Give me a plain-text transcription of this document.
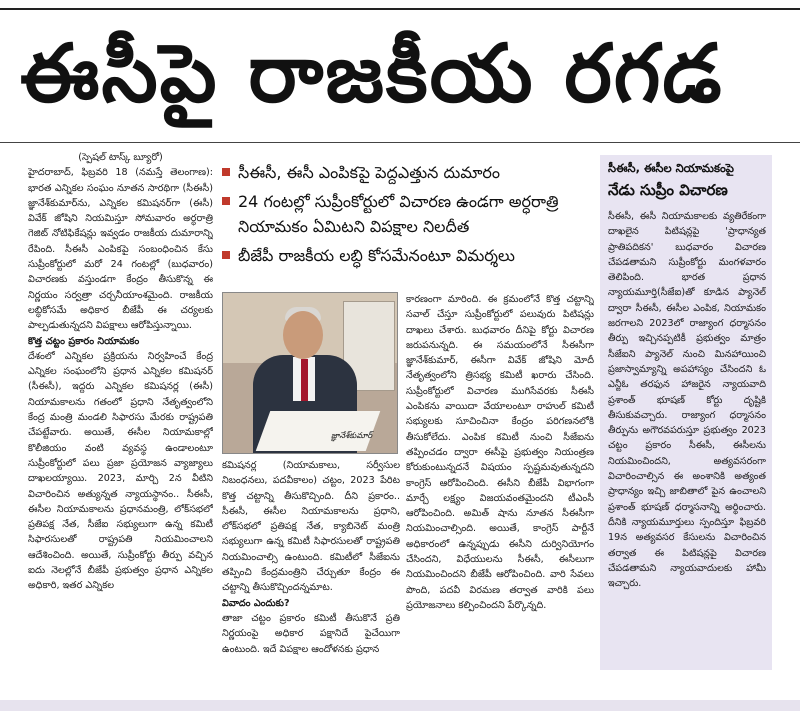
ఈసీపై రాజకీయ రగడ

(స్పెషల్ టాస్క్ బ్యూరో)

హైదరాబాద్, ఫిబ్రవరి 18 (నమస్తే తెలంగాణ): భారత ఎన్నికల సంఘం నూతన సారథిగా (సీఈసీ) జ్ఞానేశ్‌కుమార్‌ను, ఎన్నికల కమిషనర్‌గా (ఈసీ) వివేక్ జోషిని నియమిస్తూ సోమవారం అర్ధరాత్రి గెజిట్ నోటిఫికేషన్లు ఇవ్వడం రాజకీయ దుమారాన్ని రేపింది. సీఈసీ ఎంపికపై సంబంధించిన కేసు సుప్రీంకోర్టులో మరో 24 గంటల్లో (బుధవారం) విచారణకు వస్తుండగా కేంద్రం తీసుకొన్న ఈ నిర్ణయం సర్వత్రా చర్చనీయాంశమైంది. రాజకీయ లబ్ధికోసమే అధికార బీజేపీ ఈ చర్యలకు పాల్పడుతున్నదని విపక్షాలు ఆరోపిస్తున్నాయి.

కొత్త చట్టం ప్రకారం నియామకం

దేశంలో ఎన్నికల ప్రక్రియను నిర్వహించే కేంద్ర ఎన్నికల సంఘంలోని ప్రధాన ఎన్నికల కమిషనర్ (సీఈసీ), ఇద్దరు ఎన్నికల కమిషనర్ల (ఈసీ) నియామకాలను గతంలో ప్రధాని నేతృత్వంలోని కేంద్ర మంత్రి మండలి సిఫారసు మేరకు రాష్ట్రపతి చేపట్టేవారు. అయితే, ఈసీల నియామకాల్లో కొలీజియం వంటి వ్యవస్థ ఉండాలంటూ సుప్రీంకోర్టులో పలు ప్రజా ప్రయోజన వ్యాజ్యాలు దాఖలయ్యాయి. 2023, మార్చి 2న వీటిని విచారించిన అత్యున్నత న్యాయస్థానం.. సీఈసీ, ఈసీల నియామకాలను ప్రధానమంత్రి, లోక్‌సభలో ప్రతిపక్ష నేత, సీజేఐ సభ్యులుగా ఉన్న కమిటీ సిఫారసులతో రాష్ట్రపతి నియమించాలని ఆదేశించింది. అయితే, సుప్రీంకోర్టు తీర్పు వచ్చిన ఐదు నెలల్లోనే బీజేపీ ప్రభుత్వం ప్రధాన ఎన్నికల అధికారి, ఇతర ఎన్నికల

సీఈసీ, ఈసీ ఎంపికపై పెద్దఎత్తున దుమారం
24 గంటల్లో సుప్రీంకోర్టులో విచారణ ఉండగా అర్ధరాత్రి నియామకం ఏమిటని విపక్షాల నిలదీత
బీజేపీ రాజకీయ లబ్ధి కోసమేనంటూ విమర్శలు
జ్ఞానేశ్‌కుమార్

కమిషనర్ల (నియామకాలు, సర్వీసుల నిబంధనలు, పదవీకాలం) చట్టం, 2023 పేరిట కొత్త చట్టాన్ని తీసుకొచ్చింది. దీని ప్రకారం.. సీఈసీ, ఈసీల నియామకాలను ప్రధాని, లోక్‌సభలో ప్రతిపక్ష నేత, క్యాబినెట్ మంత్రి సభ్యులుగా ఉన్న కమిటీ సిఫారసులతో రాష్ట్రపతి నియమించాల్సి ఉంటుంది. కమిటీలో సీజేఐను తప్పించి కేంద్రమంత్రిని చేర్చుతూ కేంద్రం ఈ చట్టాన్ని తీసుకొచ్చిందన్నమాట.

వివాదం ఎందుకు?

తాజా చట్టం ప్రకారం కమిటీ తీసుకొనే ప్రతి నిర్ణయంపై అధికార పక్షానిదే పైచేయిగా ఉంటుంది. ఇదే విపక్షాల ఆందోళనకు ప్రధాన

కారణంగా మారింది. ఈ క్రమంలోనే కొత్త చట్టాన్ని సవాల్ చేస్తూ సుప్రీంకోర్టులో పలువురు పిటిషన్లు దాఖలు చేశారు. బుధవారం దీనిపై కోర్టు విచారణ జరుపనున్నది. ఈ సమయంలోనే సీఈసీగా జ్ఞానేశ్‌కుమార్, ఈసీగా వివేక్ జోషిని మోదీ నేతృత్వంలోని త్రిసభ్య కమిటీ ఖరారు చేసింది. సుప్రీంకోర్టులో విచారణ ముగిసేవరకు సీఈసీ ఎంపికను వాయిదా వేయాలంటూ రాహుల్ కమిటీ సభ్యులకు సూచించినా కేంద్రం పరిగణనలోకి తీసుకోలేదు. ఎంపిక కమిటీ నుంచి సీజేఐను తప్పించడం ద్వారా ఈసీపై ప్రభుత్వం నియంత్రణ కోరుకుంటున్నదనే విషయం స్పష్టమవుతున్నదని కాంగ్రెస్ ఆరోపించింది. ఈసీని బీజేపీ విభాగంగా మార్చే లక్ష్యం విజయవంతమైందని టీఎంసీ ఆరోపించింది. అమిత్ షాను నూతన సీఈసీగా నియమించాల్సింది. అయితే, కాంగ్రెస్ పార్టీనే అధికారంలో ఉన్నప్పుడు ఈసీని దుర్వినియోగం చేసిందని, విధేయులను సీఈసీ, ఈసీలుగా నియమించిందని బీజేపీ ఆరోపించింది. వారి సేవలు పొంది, పదవీ విరమణ తర్వాత వారికి పలు ప్రయోజనాలు కల్పించిందని పేర్కొన్నది.

సీఈసీ, ఈసీల నియామకంపై
నేడు సుప్రీం విచారణ
సీఈసీ, ఈసీ నియామకాలకు వ్యతిరేకంగా దాఖలైన పిటిషన్లపై 'ప్రాధాన్యత ప్రాతిపదికన' బుధవారం విచారణ చేపడతామని సుప్రీంకోర్టు మంగళవారం తెలిపింది. భారత ప్రధాన న్యాయమూర్తి(సీజేఐ)తో కూడిన ప్యానెల్ ద్వారా సీఈసీ, ఈసీల ఎంపిక, నియామకం జరగాలని 2023లో రాజ్యాంగ ధర్మాసనం తీర్పు ఇచ్చినప్పటికీ ప్రభుత్వం మాత్రం సీజేఐని ప్యానెల్ నుంచి మినహాయించి ప్రజాస్వామ్యాన్ని అపహాస్యం చేసిందని ఓ ఎన్జీఓ తరఫున హాజరైన న్యాయవాది ప్రశాంత్ భూషణ్ కోర్టు దృష్టికి తీసుకువచ్చారు. రాజ్యాంగ ధర్మాసనం తీర్పును అగౌరవపరుస్తూ ప్రభుత్వం 2023 చట్టం ప్రకారం సీఈసీ, ఈసీలను నియమించిందని, అత్యవసరంగా విచారించాల్సిన ఈ అంశానికి అత్యంత ప్రాధాన్యం ఇచ్చి జాబితాలో పైన ఉంచాలని ప్రశాంత్ భూషణ్ ధర్మాసనాన్ని అర్థించారు. దీనికి న్యాయమూర్తులు స్పందిస్తూ ఫిబ్రవరి 19న అత్యవసర కేసులను విచారించిన తర్వాత ఈ పిటిషన్లపై విచారణ చేపడతామని న్యాయవాదులకు హామీ ఇచ్చారు.
